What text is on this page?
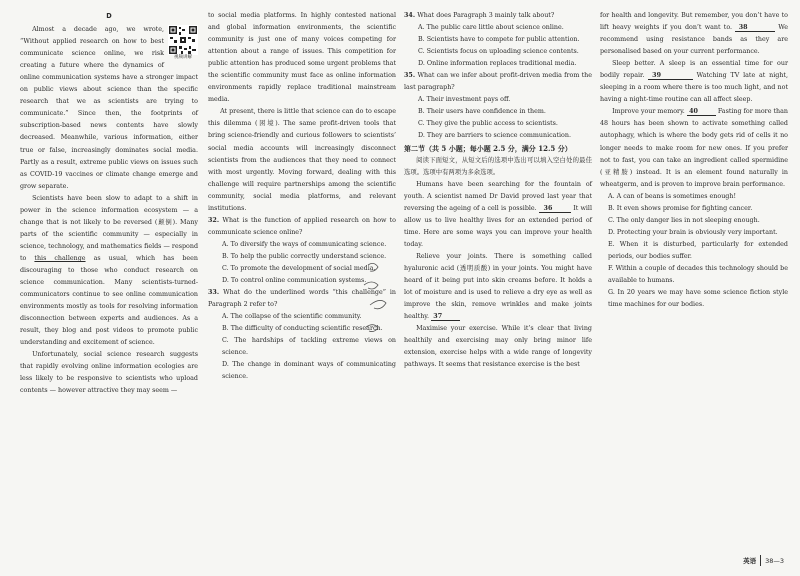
D

视频讲解

Almost a decade ago, we wrote, “Without applied research on how to best communicate science online, we risk creating a future where the dynamics of online communication systems have a stronger impact on public views about science than the specific research that we as scientists are trying to communicate.” Since then, the footprints of subscription-based news contents have slowly decreased. Meanwhile, various information, either true or false, increasingly dominates social media. Partly as a result, extreme public views on issues such as COVID-19 vaccines or climate change emerge and grow separate.

Scientists have been slow to adapt to a shift in power in the science information ecosystem — a change that is not likely to be reversed (颠倒). Many parts of the scientific community — especially in science, technology, and mathematics fields — respond to this challenge as usual, which has been discouraging to those who conduct research on science communication. Many scientists-turned-communicators continue to see online communication environments mostly as tools for resolving information disconnection between experts and audiences. As a result, they blog and post videos to promote public understanding and excitement of science.

Unfortunately, social science research suggests that rapidly evolving online information ecologies are less likely to be responsive to scientists who upload contents — however attractive they may seem —

to social media platforms. In highly contested national and global information environments, the scientific community is just one of many voices competing for attention about a range of issues. This competition for public attention has produced some urgent problems that the scientific community must face as online information environments rapidly replace traditional mainstream media.

At present, there is little that science can do to escape this dilemma (困境). The same profit-driven tools that bring science-friendly and curious followers to scientists’ social media accounts will increasingly disconnect scientists from the audiences that they need to connect with most urgently. Moving forward, dealing with this challenge will require partnerships among the scientific community, social media platforms, and relevant institutions.

32. What is the function of applied research on how to communicate science online?

A. To diversify the ways of communicating science.

B. To help the public correctly understand science.

C. To promote the development of social media.

D. To control online communication systems.

33. What do the underlined words “this challenge” in Paragraph 2 refer to?

A. The collapse of the scientific community.

B. The difficulty of conducting scientific research.

C. The hardships of tackling extreme views on science.

D. The change in dominant ways of communicating science.

34. What does Paragraph 3 mainly talk about?

A. The public care little about science online.

B. Scientists have to compete for public attention.

C. Scientists focus on uploading science contents.

D. Online information replaces traditional media.

35. What can we infer about profit-driven media from the last paragraph?

A. Their investment pays off.

B. Their users have confidence in them.

C. They give the public access to scientists.

D. They are barriers to science communication.

第二节（共 5 小题；每小题 2.5 分，满分 12.5 分）

阅读下面短文，从短文后的选项中选出可以填入空白处的最佳选项。选项中有两项为多余选项。

Humans have been searching for the fountain of youth. A scientist named Dr David proved last year that reversing the ageing of a cell is possible.   36	It will allow us to live healthy lives for an extended period of time. Here are some ways you can improve your health today.

Relieve your joints. There is something called hyaluronic acid (透明质酸) in your joints. You might have heard of it being put into skin creams before. It holds a lot of moisture and is used to relieve a dry eye as well as improve the skin, remove wrinkles and make joints healthy.  37

Maximise your exercise. While it’s clear that living healthily and exercising may only bring minor life extension, exercise helps with a wide range of longevity pathways. It seems that resistance exercise is the best

for health and longevity. But remember, you don’t have to lift heavy weights if you don’t want to.  38	We recommend using resistance bands as they are personalised based on your current performance.

Sleep better. A sleep is an essential time for our bodily repair.  39	Watching TV late at night, sleeping in a room where there is too much light, and not having a night-time routine can all affect sleep.

Improve your memory. 40	Fasting for more than 48 hours has been shown to activate something called autophagy, which is where the body gets rid of cells it no longer needs to make room for new ones. If you prefer not to fast, you can take an ingredient called spermidine (亚精胺) instead. It is an element found naturally in wheatgerm, and is proven to improve brain performance.

A. A can of beans is sometimes enough!

B. It even shows promise for fighting cancer.

C. The only danger lies in not sleeping enough.

D. Protecting your brain is obviously very important.

E. When it is disturbed, particularly for extended periods, our bodies suffer.

F. Within a couple of decades this technology should be available to humans.

G. In 20 years we may have some science fiction style time machines for our bodies.

英语	38—3
